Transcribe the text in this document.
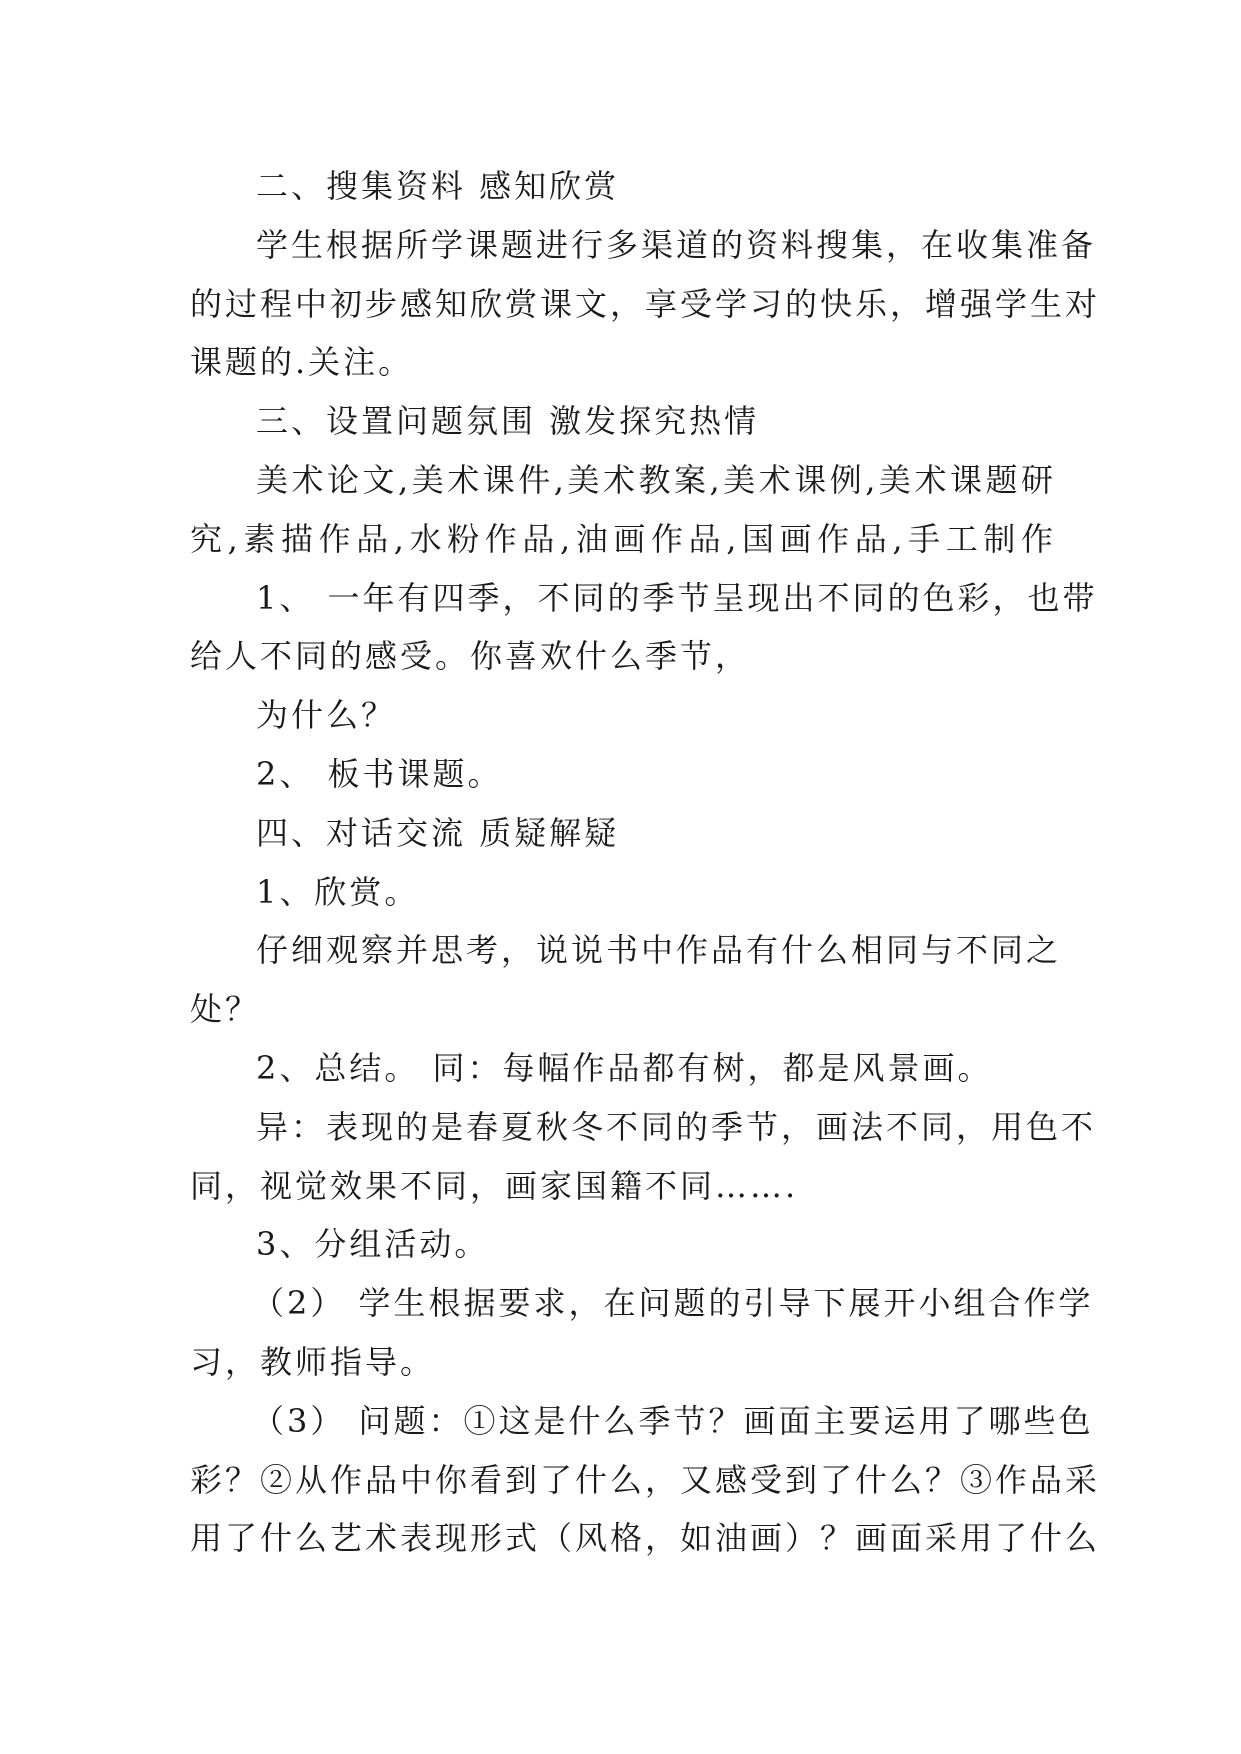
二、搜集资料 感知欣赏
学生根据所学课题进行多渠道的资料搜集，在收集准备
的过程中初步感知欣赏课文，享受学习的快乐，增强学生对
课题的.关注。
三、设置问题氛围 激发探究热情
美术论文,美术课件,美术教案,美术课例,美术课题研
究,素描作品,水粉作品,油画作品,国画作品,手工制作
1、 一年有四季，不同的季节呈现出不同的色彩，也带
给人不同的感受。你喜欢什么季节，
为什么？
2、 板书课题。
四、对话交流 质疑解疑
1、欣赏。
仔细观察并思考，说说书中作品有什么相同与不同之
处？
2、总结。 同：每幅作品都有树，都是风景画。
异：表现的是春夏秋冬不同的季节，画法不同，用色不
同，视觉效果不同，画家国籍不同…….
3、分组活动。
（2） 学生根据要求，在问题的引导下展开小组合作学
习，教师指导。
（3） 问题：①这是什么季节？画面主要运用了哪些色
彩？②从作品中你看到了什么，又感受到了什么？③作品采
用了什么艺术表现形式（风格，如油画）？画面采用了什么
